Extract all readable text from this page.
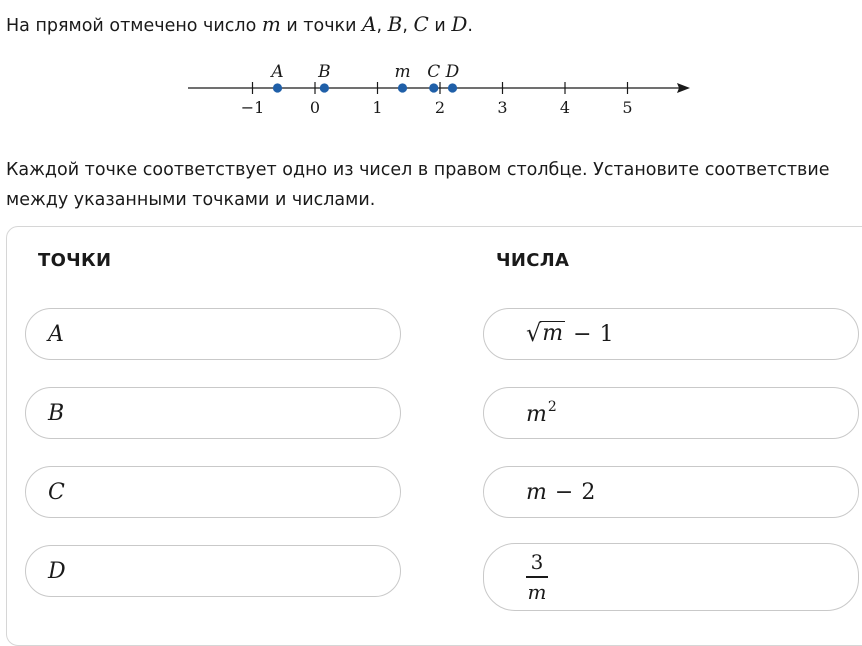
На прямой отмечено число m и точки A, B, C и D.
−1	0	1	2	3	4	5
A B	m C D
Каждой точке соответствует одно из чисел в правом столбце. Установите соответствие между указанными точками и числами.
ТОЧКИ	ЧИСЛА
A
B
C
D
√ m − 1
$m^2$
m − 2
$\frac{3}{m}$
